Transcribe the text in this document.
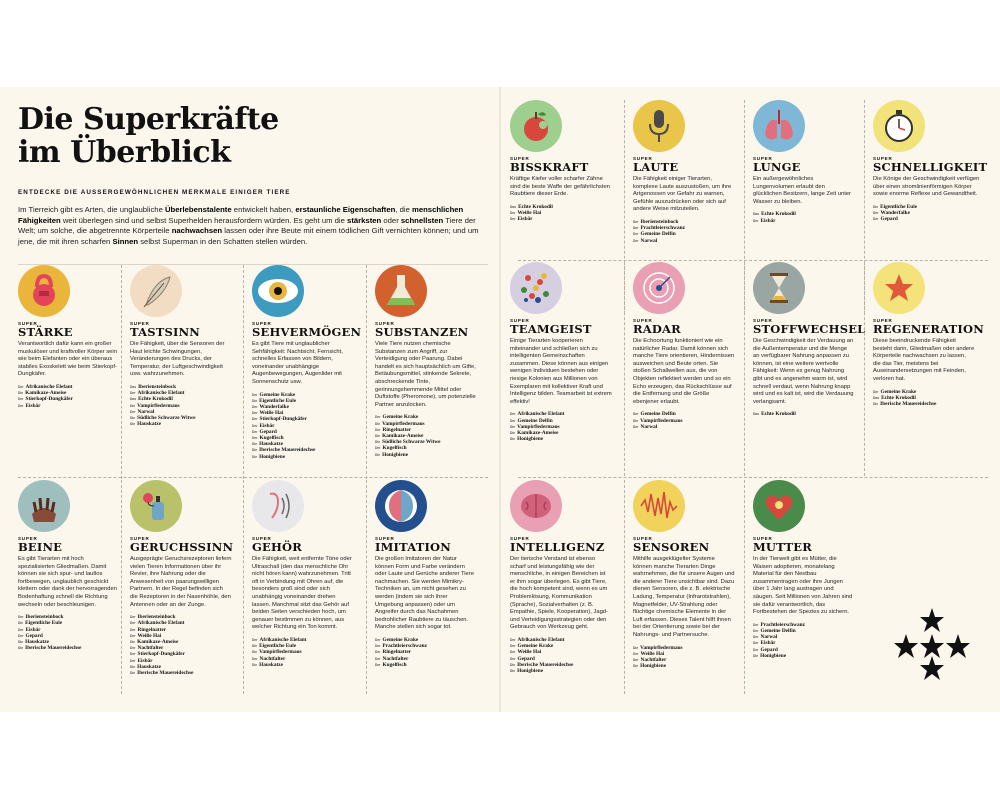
Die Superkräfte
im Überblick
ENTDECKE DIE AUSSERGEWÖHNLICHEN MERKMALE EINIGER TIERE
Im Tierreich gibt es Arten, die unglaubliche Überlebenstalente entwickelt haben, erstaunliche Eigenschaften, die menschlichen Fähigkeiten weit überlegen sind und selbst Superhelden herausfordern würden. Es geht um die stärksten oder schnellsten Tiere der Welt; um solche, die abgetrennte Körperteile nachwachsen lassen oder ihre Beute mit einem tödlichen Gift vernichten können; und um jene, die mit ihren scharfen Sinnen selbst Superman in den Schatten stellen würden.
SUPER
STÄRKE
Verantwortlich dafür kann ein großer muskulöser und kraftvoller Körper sein wie beim Elefanten oder ein überaus stabiles Exoskelett wie beim Stierkopf-Dungkäfer.
Der Afrikanische Elefant
Die Kamikaze-Ameise
Der Stierkopf-Dungkäfer
Der Eisbär
SUPER
TASTSINN
Die Fähigkeit, über die Sensoren der Haut leichte Schwingungen, Veränderungen des Drucks, der Temperatur, der Luftgeschwindigkeit usw. wahrzunehmen.
Das Iberiensteinbock
Der Afrikanische Elefant
Das Echte Krokodil
Die Vampirfledermaus
Der Narwal
Die Südliche Schwarze Witwe
Die Hauskatze
SUPER
SEHVERMÖGEN
Es gibt Tiere mit unglaublicher Sehfähigkeit: Nachtsicht, Fernsicht, schnelles Erfassen von Bildern, voneinander unabhängige Augenbewegungen, Augenlider mit Sonnenschutz usw.
Der Gemeine Krake
Die Eigentliche Eule
Der Wanderfalke
Der Weiße Hai
Der Stierkopf-Dungkäfer
Der Eisbär
Der Gepard
Der Kugelfisch
Die Hauskatze
Die Iberische Mauereidechse
Die Honigbiene
SUPER
SUBSTANZEN
Viele Tiere nutzen chemische Substanzen zum Angriff, zur Verteidigung oder Paarung. Dabei handelt es sich hauptsächlich um Gifte, Betäubungsmittel, stinkende Sekrete, abschreckende Tinte, gerinnungshemmende Mittel oder Duftstoffe (Pheromone), um potenzielle Partner anzulocken.
Der Gemeine Krake
Die Vampirfledermaus
Der Ringelnatter
Die Kamikaze-Ameise
Die Südliche Schwarze Witwe
Der Kugelfisch
Die Honigbiene
SUPER
BISSKRAFT
Kräftige Kiefer voller scharfer Zähne sind die beste Waffe der gefährlichsten Raubtiere dieser Erde.
Das Echte Krokodil
Der Weiße Hai
Der Eisbär
SUPER
LAUTE
Die Fähigkeit einiger Tierarten, komplexe Laute auszustoßen, um ihre Artgenossen vor Gefahr zu warnen, Gefühle auszudrücken oder sich auf andere Weise mitzuteilen.
Der Iberiensteinbock
Der Prachtleierschwanz
Der Gemeine Delfin
Der Narwal
SUPER
LUNGE
Ein außergewöhnliches Lungenvolumen erlaubt den glücklichen Besitzern, lange Zeit unter Wasser zu bleiben.
Das Echte Krokodil
Der Eisbär
SUPER
SCHNELLIGKEIT
Die Könige der Geschwindigkeit verfügen über einen stromlinienförmigen Körper sowie enorme Reflexe und Gewandtheit.
Die Eigentliche Eule
Der Wanderfalke
Der Gepard
SUPER
BEINE
Es gibt Tierarten mit hoch spezialisierten Gliedmaßen. Damit können sie sich spur- und lautlos fortbewegen, unglaublich geschickt klettern oder dank der hervorragenden Bodenhaftung schnell die Richtung wechseln oder beschleunigen.
Der Iberiensteinbock
Die Eigentliche Eule
Der Eisbär
Der Gepard
Die Hauskatze
Die Iberische Mauereidechse
SUPER
GERUCHSSINN
Ausgeprägte Geruchsrezeptoren liefern vielen Tieren Informationen über ihr Revier, ihre Nahrung oder die Anwesenheit von paarungswilligen Partnern. In der Regel befinden sich die Rezeptoren in der Nasenhöhle, den Antennen oder an der Zunge.
Der Iberiensteinbock
Der Afrikanische Elefant
Der Ringelnatter
Der Weiße Hai
Die Kamikaze-Ameise
Der Nachtfalter
Der Stierkopf-Dungkäfer
Der Eisbär
Die Hauskatze
Die Iberische Mauereidechse
SUPER
GEHÖR
Die Fähigkeit, weit entfernte Töne oder Ultraschall (den das menschliche Ohr nicht hören kann) wahrzunehmen. Tritt oft in Verbindung mit Ohren auf, die besonders groß sind oder sich unabhängig voneinander drehen lassen. Manchmal sitzt das Gehör auf beiden Seiten verschieden hoch, um genauer bestimmen zu können, aus welcher Richtung ein Ton kommt.
Der Afrikanische Elefant
Die Eigentliche Eule
Die Vampirfledermaus
Der Nachtfalter
Die Hauskatze
SUPER
IMITATION
Die großen Imitatoren der Natur können Form und Farbe verändern oder Laute und Gerüche anderer Tiere nachmachen. Sie werden Mimikry-Techniken an, um nicht gesehen zu werden (indem sie sich ihrer Umgebung anpassen) oder um Angreifer durch das Nachahmen bedrohlicher Raubtiere zu täuschen. Manche stellen sich sogar tot.
Der Gemeine Krake
Der Prachtleierschwanz
Der Ringelnatter
Der Nachtfalter
Der Kugelfisch
SUPER
TEAMGEIST
Einige Tierarten kooperieren miteinander und schließen sich zu intelligenten Gemeinschaften zusammen. Diese können aus einigen wenigen Individuen bestehen oder riesige Kolonien aus Millionen von Exemplaren mit kollektiver Kraft und Intelligenz bilden. Teamarbeit ist extrem effektiv!
Der Afrikanische Elefant
Der Gemeine Delfin
Die Vampirfledermaus
Die Kamikaze-Ameise
Die Honigbiene
SUPER
RADAR
Die Echoortung funktioniert wie ein natürlicher Radar. Damit können sich manche Tiere orientieren, Hindernissen ausweichen und Beute orten. Sie stoßen Schallwellen aus, die von Objekten reflektiert werden und so ein Echo erzeugen, das Rückschlüsse auf die Entfernung und die Größe ebenjener erlaubt.
Der Gemeine Delfin
Die Vampirfledermaus
Der Narwal
SUPER
STOFFWECHSEL
Die Geschwindigkeit der Verdauung an die Außentemperatur und die Menge an verfügbarer Nahrung anpassen zu können, ist eine weitere wertvolle Fähigkeit: Wenn es genug Nahrung gibt und es angenehm warm ist, wird schnell verdaut, wenn Nahrung knapp wird und es kalt ist, wird die Verdauung verlangsamt.
Das Echte Krokodil
SUPER
REGENERATION
Diese beeindruckende Fähigkeit besteht darin, Gliedmaßen oder andere Körperteile nachwachsen zu lassen, die das Tier, meistens bei Auseinandersetzungen mit Feinden, verloren hat.
Der Gemeine Krake
Das Echte Krokodil
Die Iberische Mauereidechse
SUPER
INTELLIGENZ
Der tierische Verstand ist ebenso scharf und leistungsfähig wie der menschliche, in einigen Bereichen ist er ihm sogar überlegen. Es gibt Tiere, die hoch kompetent sind, wenn es um Problemlösung, Kommunikation (Sprache), Sozialverhalten (z. B. Empathie, Spiele, Kooperation), Jagd- und Verteidigungsstrategien oder den Gebrauch von Werkzeug geht.
Der Afrikanische Elefant
Der Gemeine Krake
Der Weiße Hai
Der Gepard
Die Iberische Mauereidechse
Die Honigbiene
SUPER
SENSOREN
Mithilfe ausgeklügelter Systeme können manche Tierarten Dinge wahrnehmen, die für unsere Augen und die anderer Tiere unsichtbar sind. Dazu dienen Sensoren, die z. B. elektrische Ladung, Temperatur (Infrarotstrahlen), Magnetfelder, UV-Strahlung oder flüchtige chemische Elemente in der Luft erfassen. Dieses Talent hilft ihnen bei der Orientierung sowie bei der Nahrungs- und Partnersuche.
Die Vampirfledermaus
Der Weiße Hai
Der Nachtfalter
Die Honigbiene
SUPER
MUTTER
In der Tierwelt gibt es Mütter, die Waisen adoptieren, monatelang Material für den Nestbau zusammentragen oder ihre Jungen über 1 Jahr lang austragen und säugen. Seit Millionen von Jahren sind sie dafür verantwortlich, das Fortbestehen der Spezies zu sichern.
Der Prachtleierschwanz
Der Gemeine Delfin
Der Narwal
Der Eisbär
Der Gepard
Die Honigbiene
